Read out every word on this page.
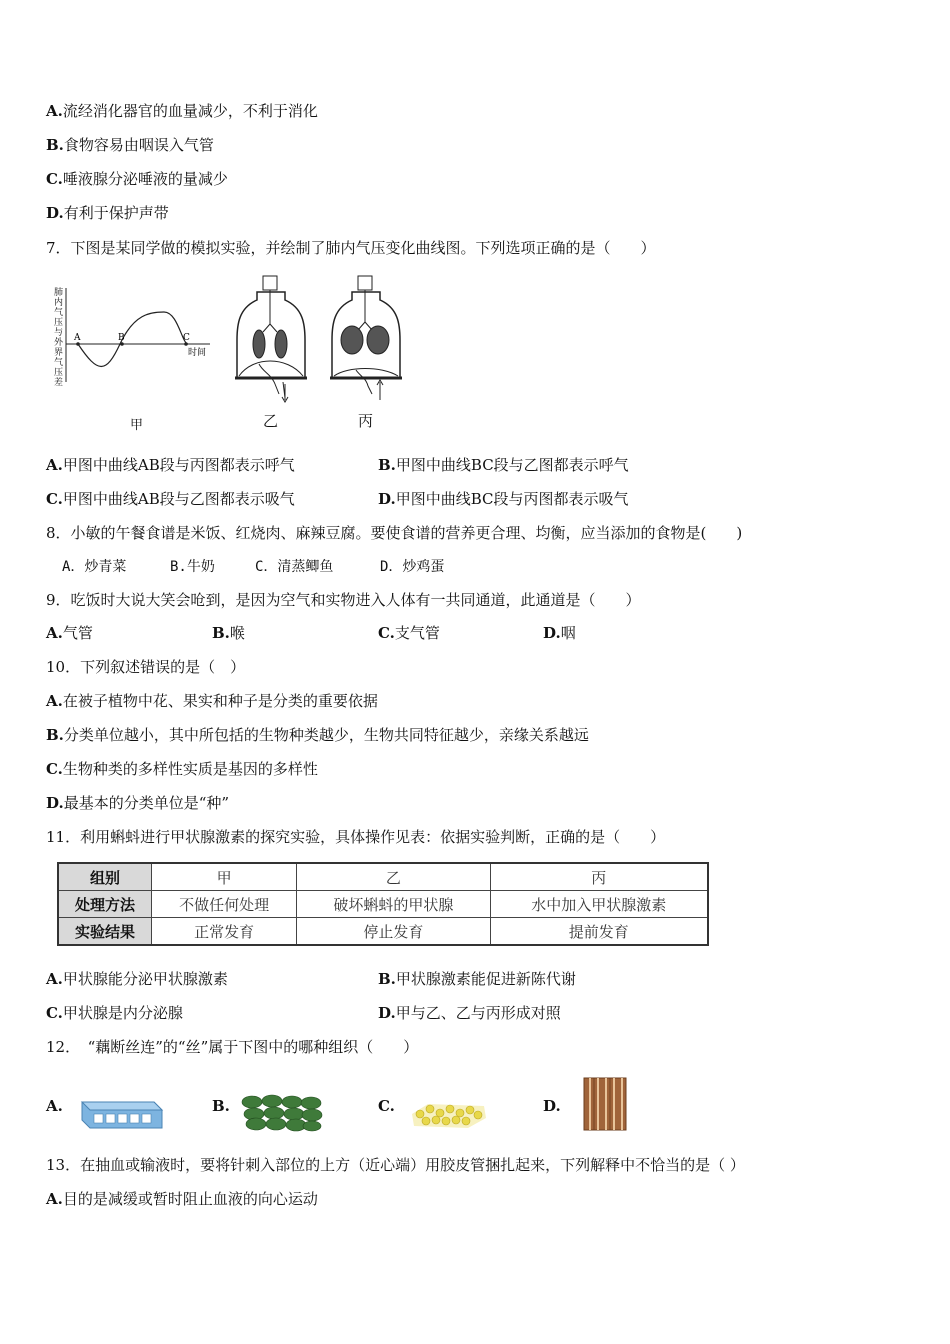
A.流经消化器官的血量减少，不利于消化
B.食物容易由咽误入气管
C.唾液腺分泌唾液的量减少
D.有利于保护声带
7．下图是某同学做的模拟实验，并绘制了肺内气压变化曲线图。下列选项正确的是（　　）
A	B	C
时间
肺内气压与外界气压差
乙	丙
甲
A.甲图中曲线AB段与丙图都表示呼气	B.甲图中曲线BC段与乙图都表示呼气
C.甲图中曲线AB段与乙图都表示吸气	D.甲图中曲线BC段与丙图都表示吸气
8．小敏的午餐食谱是米饭、红烧肉、麻辣豆腐。要使食谱的营养更合理、均衡，应当添加的食物是(　　)
A．炒青菜	B.牛奶	C．清蒸鲫鱼	D．炒鸡蛋
9．吃饭时大说大笑会呛到，是因为空气和实物进入人体有一共同通道，此通道是（　　）
A.气管	B.喉	C.支气管	D.咽
10．下列叙述错误的是（　）
A.在被子植物中花、果实和种子是分类的重要依据
B.分类单位越小，其中所包括的生物种类越少，生物共同特征越少，亲缘关系越远
C.生物种类的多样性实质是基因的多样性
D.最基本的分类单位是“种”
11．利用蝌蚪进行甲状腺激素的探究实验，具体操作见表：依据实验判断，正确的是（　　）
组别	甲	乙	丙
处理方法	不做任何处理	破坏蝌蚪的甲状腺	水中加入甲状腺激素
实验结果	正常发育	停止发育	提前发育
A.甲状腺能分泌甲状腺激素	B.甲状腺激素能促进新陈代谢
C.甲状腺是内分泌腺	D.甲与乙、乙与丙形成对照
12．　“藕断丝连”的“丝”属于下图中的哪种组织（　　）
A.	B.	C.	D.
13．在抽血或输液时，要将针刺入部位的上方（近心端）用胶皮管捆扎起来，下列解释中不恰当的是（ ）
A.目的是减缓或暂时阻止血液的向心运动
